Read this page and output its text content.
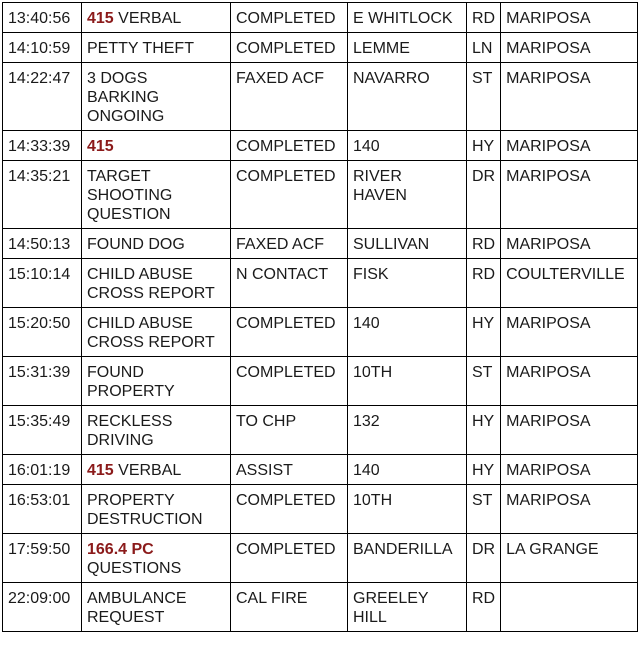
13:40:56	415 VERBAL	COMPLETED	E WHITLOCK	RD	MARIPOSA
14:10:59	PETTY THEFT	COMPLETED	LEMME	LN	MARIPOSA
14:22:47	3 DOGS
BARKING
ONGOING	FAXED ACF	NAVARRO	ST	MARIPOSA
14:33:39	415	COMPLETED	140	HY	MARIPOSA
14:35:21	TARGET
SHOOTING
QUESTION	COMPLETED	RIVER
HAVEN	DR	MARIPOSA
14:50:13	FOUND DOG	FAXED ACF	SULLIVAN	RD	MARIPOSA
15:10:14	CHILD ABUSE
CROSS REPORT	N CONTACT	FISK	RD	COULTERVILLE
15:20:50	CHILD ABUSE
CROSS REPORT	COMPLETED	140	HY	MARIPOSA
15:31:39	FOUND
PROPERTY	COMPLETED	10TH	ST	MARIPOSA
15:35:49	RECKLESS
DRIVING	TO CHP	132	HY	MARIPOSA
16:01:19	415 VERBAL	ASSIST	140	HY	MARIPOSA
16:53:01	PROPERTY
DESTRUCTION	COMPLETED	10TH	ST	MARIPOSA
17:59:50	166.4 PC
QUESTIONS	COMPLETED	BANDERILLA	DR	LA GRANGE
22:09:00	AMBULANCE
REQUEST	CAL FIRE	GREELEY
HILL	RD	
